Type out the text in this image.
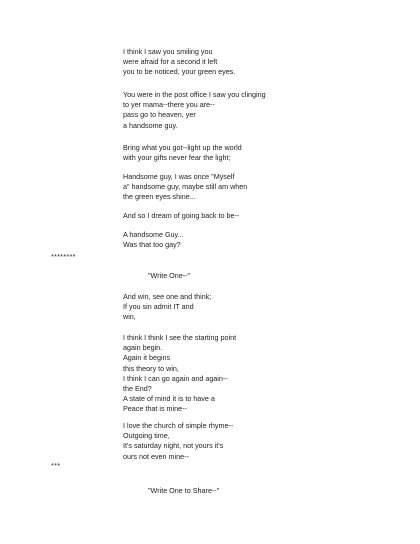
I think I saw you smiling you
were afraid for a second it left
you to be noticed, your green eyes.

You were in the post office I saw you clinging
to yer mama--there you are--
pass go to heaven, yer
a handsome guy.

Bring what you got--light up the world
with your gifts never fear the light;

Handsome guy, I was once "Myself
a" handsome guy, maybe still am when
the green eyes shine...

And so I dream of going back to be--

A handsome Guy...
Was that too gay?

********
"Write One--"

And win, see one and think;
If you sin admit IT and
win,

I think I think I see the starting point
again begin.
Again it begins
this theory to win,
I think I can go again and again--
the End?
A state of mind it is to have a
Peace that is mine--

I love the church of simple rhyme--
Outgoing time,
It's saturday night, not yours it's
ours not even mine--

***
"Write One to Share--"
